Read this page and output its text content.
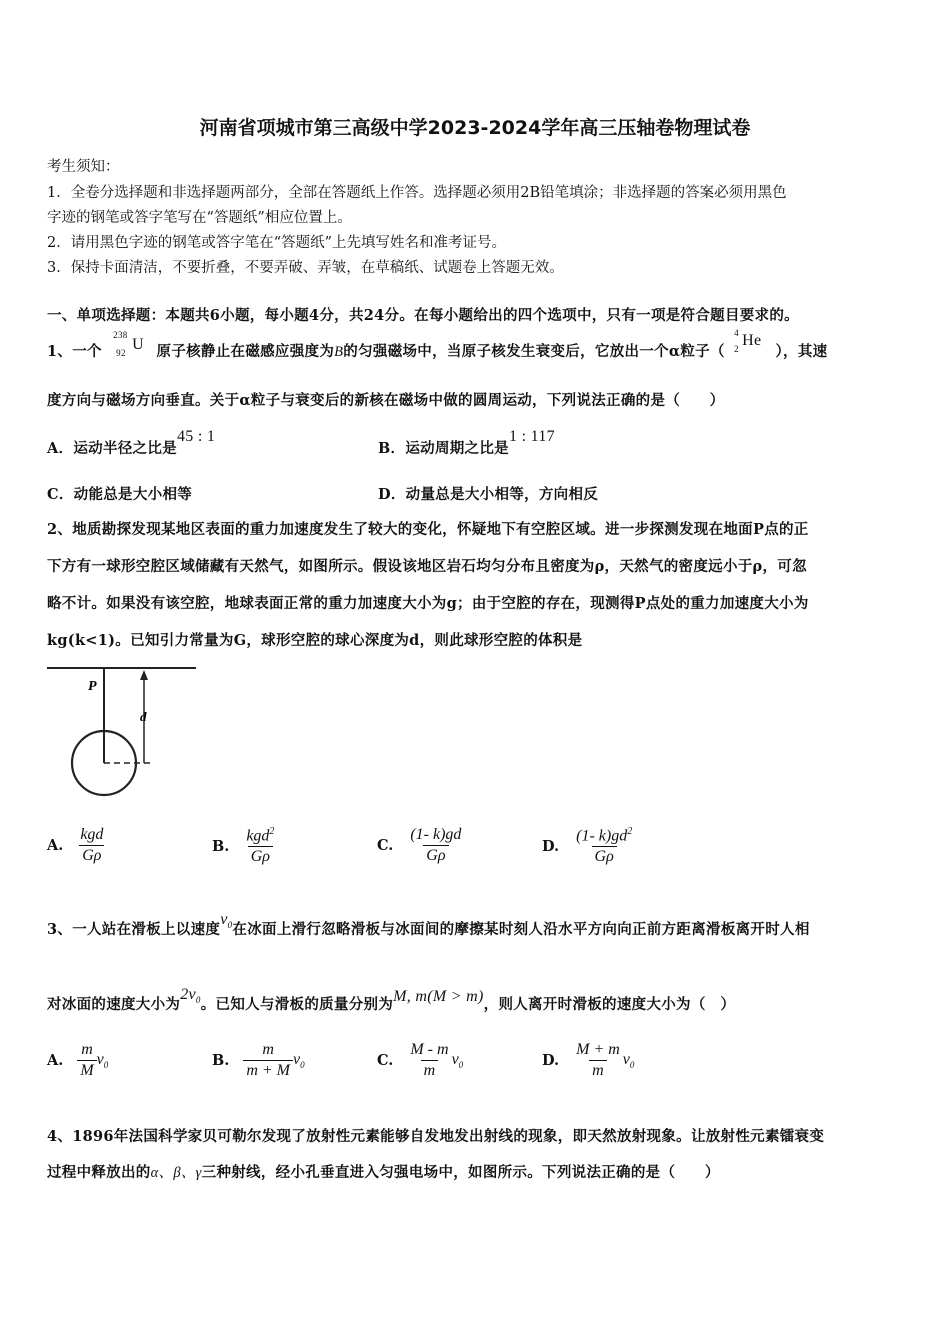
河南省项城市第三高级中学2023-2024学年高三压轴卷物理试卷
考生须知：
1．全卷分选择题和非选择题两部分，全部在答题纸上作答。选择题必须用2B铅笔填涂；非选择题的答案必须用黑色
字迹的钢笔或答字笔写在“答题纸”相应位置上。
2．请用黑色字迹的钢笔或答字笔在“答题纸”上先填写姓名和准考证号。
3．保持卡面清洁，不要折叠，不要弄破、弄皱，在草稿纸、试题卷上答题无效。
一、单项选择题：本题共6小题，每小题4分，共24分。在每小题给出的四个选项中，只有一项是符合题目要求的。
1、一个
238
92 U 原子核静止在磁感应强度为B的匀强磁场中，当原子核发生衰变后，它放出一个α粒子（
4
2 He
），其速
度方向与磁场方向垂直。关于α粒子与衰变后的新核在磁场中做的圆周运动，下列说法正确的是（　　）
A．运动半径之比是45 : 1
B．运动周期之比是1 : 117
C．动能总是大小相等	D．动量总是大小相等，方向相反
2、地质勘探发现某地区表面的重力加速度发生了较大的变化，怀疑地下有空腔区域。进一步探测发现在地面P点的正
下方有一球形空腔区域储藏有天然气，如图所示。假设该地区岩石均匀分布且密度为ρ，天然气的密度远小于ρ，可忽
略不计。如果没有该空腔，地球表面正常的重力加速度大小为g；由于空腔的存在，现测得P点处的重力加速度大小为
kg(k<1)。已知引力常量为G，球形空腔的球心深度为d，则此球形空腔的体积是
P
d
A. $\frac{\text{kgd}}{G\rho}$	B. $\frac{kgd^2}{G\rho}$	C. $\frac{(1- k)gd}{G\rho}$	D. $\frac{(1- k)gd^2}{G\rho}$
3、一人站在滑板上以速度$v_0$在冰面上滑行忽略滑板与冰面间的摩擦某时刻人沿水平方向向正前方距离滑板离开时人相
对冰面的速度大小为$2v_0$。已知人与滑板的质量分别为M, m(M > m)，则人离开时滑板的速度大小为（　）
A. $\frac{m}{M} v_0$	B. $\frac{m}{m + M} v_0$	C. $\frac{M - m}{m} v_0$	D. $\frac{M + m}{m} v_0$
4、1896年法国科学家贝可勒尔发现了放射性元素能够自发地发出射线的现象，即天然放射现象。让放射性元素镭衰变
过程中释放出的α、β、γ三种射线，经小孔垂直进入匀强电场中，如图所示。下列说法正确的是（　　）
